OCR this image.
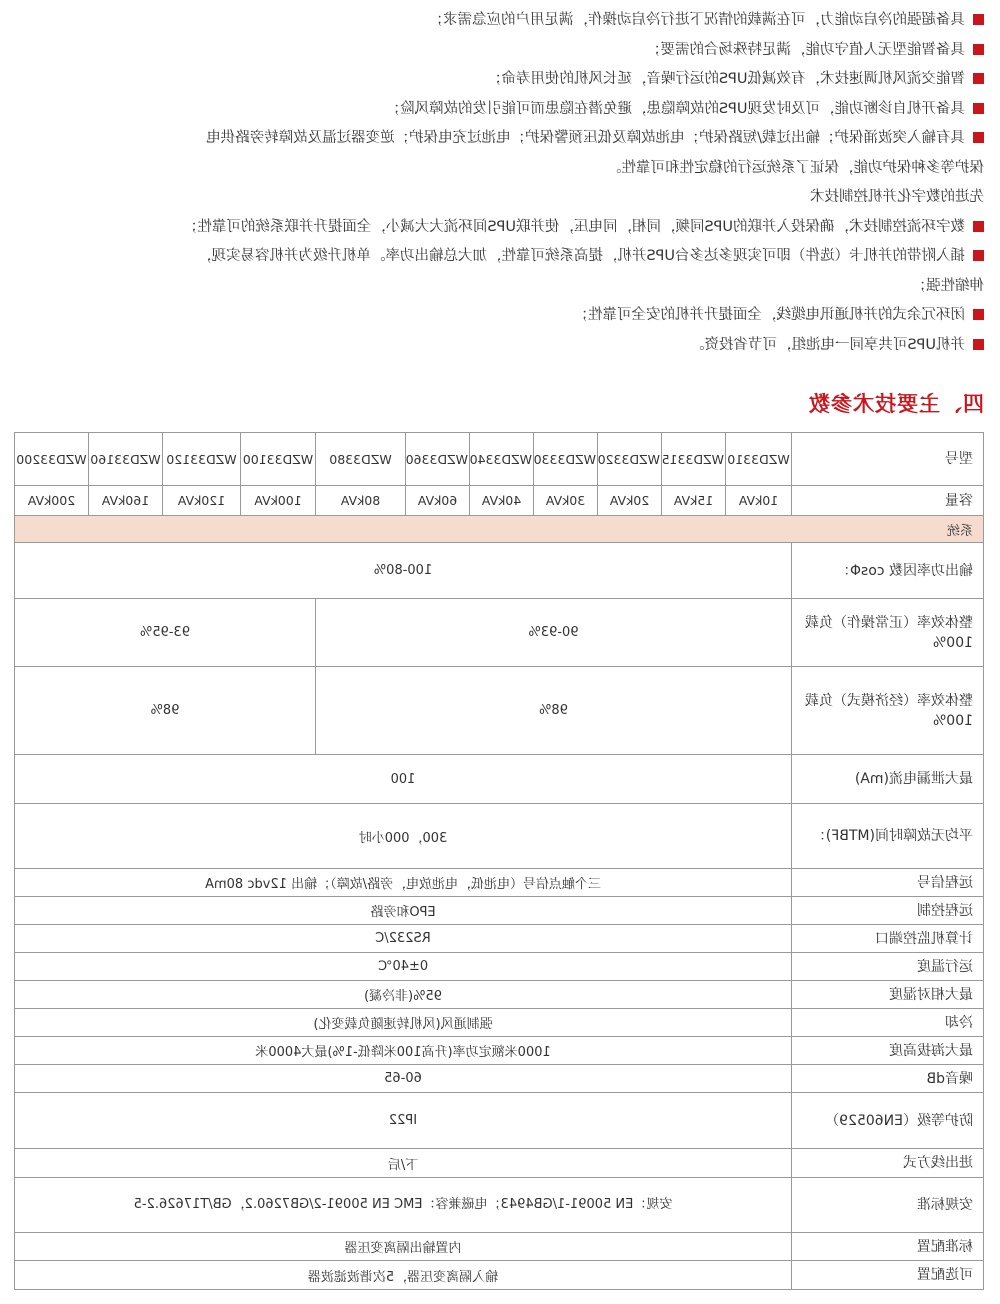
具备超强的冷启动能力，可在满载的情况下进行冷启动操作，满足用户的应急需求；
具备智能型无人值守功能，满足特殊场合的需要；
智能交流风机调速技术，有效减低UPS的运行噪音，延长风机的使用寿命；
具备开机自诊断功能，可及时发现UPS的故障隐患，避免潜在隐患而可能引发的故障风险；
具有输入突波涌保护；输出过载/短路保护；电池故障及低压预警保护；电池过充电保护；逆变器过温及故障转旁路供电
保护等多种保护功能，保证了系统运行的稳定性和可靠性。
先进的数字化并机控制技术
数字环流控制技术，确保投入并联的UPS同频，同相，同电压，使并联UPS间环流大大减小，全面提升并联系统的可靠性；
插入附带的并机卡（选件）即可实现多达多台UPS并机，提高系统可靠性，加大总输出功率。单机升级为并机容易实现，
伸缩性强；
闭环冗余式的并机通讯电缆线，全面提升并机的安全可靠性；
并机UPS可共享同一电池组，可节省投资。
四、主要技术参数
型号	WZD3310	WZD3315	WZD3320	WZD3330	WZD3340	WZD3360	WZD3380	WZD33100	WZD33120	WZD33160	WZD33200
容量	10kVA	15kVA	20kVA	30kVA	40kVA	60kVA	80kVA	100kVA	120kVA	160kVA	200kVA
系统											
输出功率因数 cosΦ：	100-80%										
整体效率（正常操作）负载100%	90-93%							93-95%			
整体效率（经济模式）负载100%	98%							98%			
最大泄漏电流(mA)	100										
平均无故障时间(MTBF)：	300，000小时										
远程信号	三个触点信号（电池低，电池放电，旁路/故障）；输出 12vdc 80mA										
远程控制	EPO和旁路										
计算机监控端口	RS232/C										
运行温度	0±40℃										
最大相对湿度	95%(非冷凝)										
冷却	强制通风(风机转速随负载变化)										
最大海拔高度	1000米额定功率(升高100米降低-1%)最大4000米										
噪音dB	60-65										
防护等级（EN60529）	IP22										
进出线方式	下/后										
安规标准	安规：EN 50091-1/GB4943；电磁兼容：EMC EN 50091-2/GB7260.2，GB/T17626.2-5										
标准配置	内置输出隔离变压器										
可选配置	输入隔离变压器，5次谐波滤波器										
